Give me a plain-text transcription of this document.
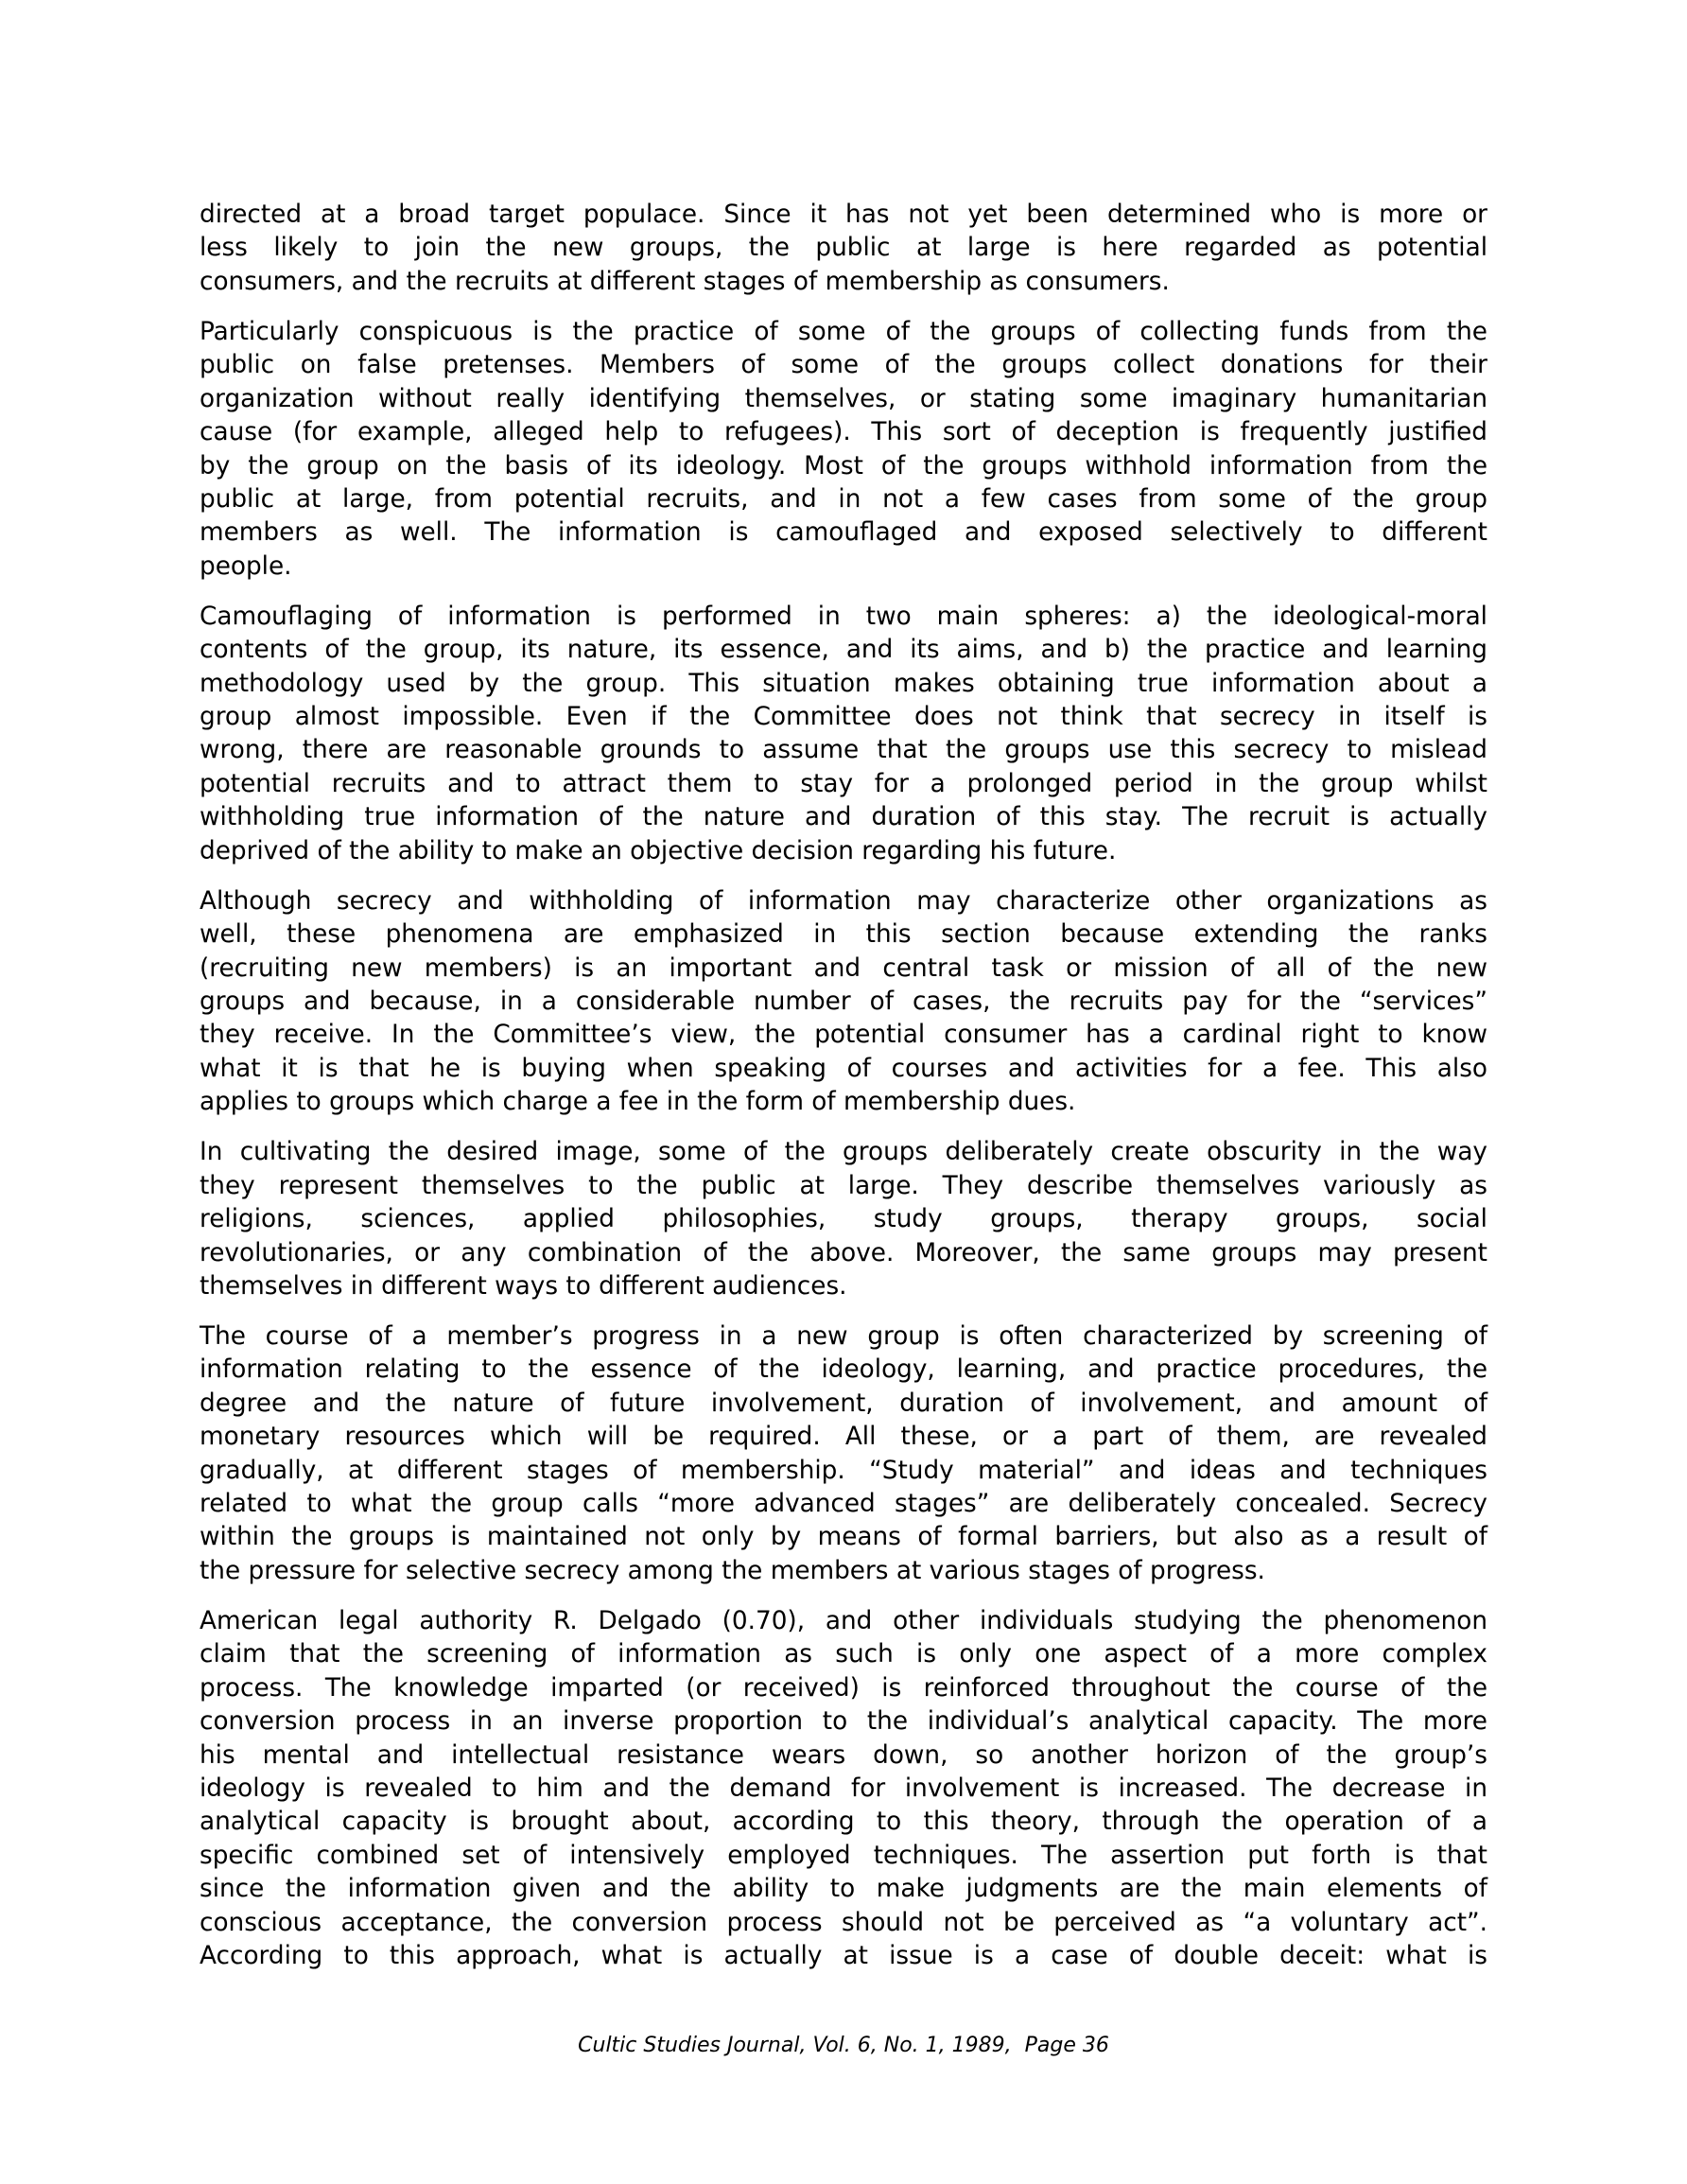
directed at a broad target populace. Since it has not yet been determined who is more or
less likely to join the new groups, the public at large is here regarded as potential
consumers, and the recruits at different stages of membership as consumers.
Particularly conspicuous is the practice of some of the groups of collecting funds from the
public on false pretenses. Members of some of the groups collect donations for their
organization without really identifying themselves, or stating some imaginary humanitarian
cause (for example, alleged help to refugees). This sort of deception is frequently justified
by the group on the basis of its ideology. Most of the groups withhold information from the
public at large, from potential recruits, and in not a few cases from some of the group
members as well. The information is camouflaged and exposed selectively to different
people.
Camouflaging of information is performed in two main spheres: a) the ideological-moral
contents of the group, its nature, its essence, and its aims, and b) the practice and learning
methodology used by the group. This situation makes obtaining true information about a
group almost impossible. Even if the Committee does not think that secrecy in itself is
wrong, there are reasonable grounds to assume that the groups use this secrecy to mislead
potential recruits and to attract them to stay for a prolonged period in the group whilst
withholding true information of the nature and duration of this stay. The recruit is actually
deprived of the ability to make an objective decision regarding his future.
Although secrecy and withholding of information may characterize other organizations as
well, these phenomena are emphasized in this section because extending the ranks
(recruiting new members) is an important and central task or mission of all of the new
groups and because, in a considerable number of cases, the recruits pay for the “services”
they receive. In the Committee’s view, the potential consumer has a cardinal right to know
what it is that he is buying when speaking of courses and activities for a fee. This also
applies to groups which charge a fee in the form of membership dues.
In cultivating the desired image, some of the groups deliberately create obscurity in the way
they represent themselves to the public at large. They describe themselves variously as
religions, sciences, applied philosophies, study groups, therapy groups, social
revolutionaries, or any combination of the above. Moreover, the same groups may present
themselves in different ways to different audiences.
The course of a member’s progress in a new group is often characterized by screening of
information relating to the essence of the ideology, learning, and practice procedures, the
degree and the nature of future involvement, duration of involvement, and amount of
monetary resources which will be required. All these, or a part of them, are revealed
gradually, at different stages of membership. “Study material” and ideas and techniques
related to what the group calls “more advanced stages” are deliberately concealed. Secrecy
within the groups is maintained not only by means of formal barriers, but also as a result of
the pressure for selective secrecy among the members at various stages of progress.
American legal authority R. Delgado (0.70), and other individuals studying the phenomenon
claim that the screening of information as such is only one aspect of a more complex
process. The knowledge imparted (or received) is reinforced throughout the course of the
conversion process in an inverse proportion to the individual’s analytical capacity. The more
his mental and intellectual resistance wears down, so another horizon of the group’s
ideology is revealed to him and the demand for involvement is increased. The decrease in
analytical capacity is brought about, according to this theory, through the operation of a
specific combined set of intensively employed techniques. The assertion put forth is that
since the information given and the ability to make judgments are the main elements of
conscious acceptance, the conversion process should not be perceived as “a voluntary act”.
According to this approach, what is actually at issue is a case of double deceit: what is
Cultic Studies Journal, Vol. 6, No. 1, 1989,  Page 36
